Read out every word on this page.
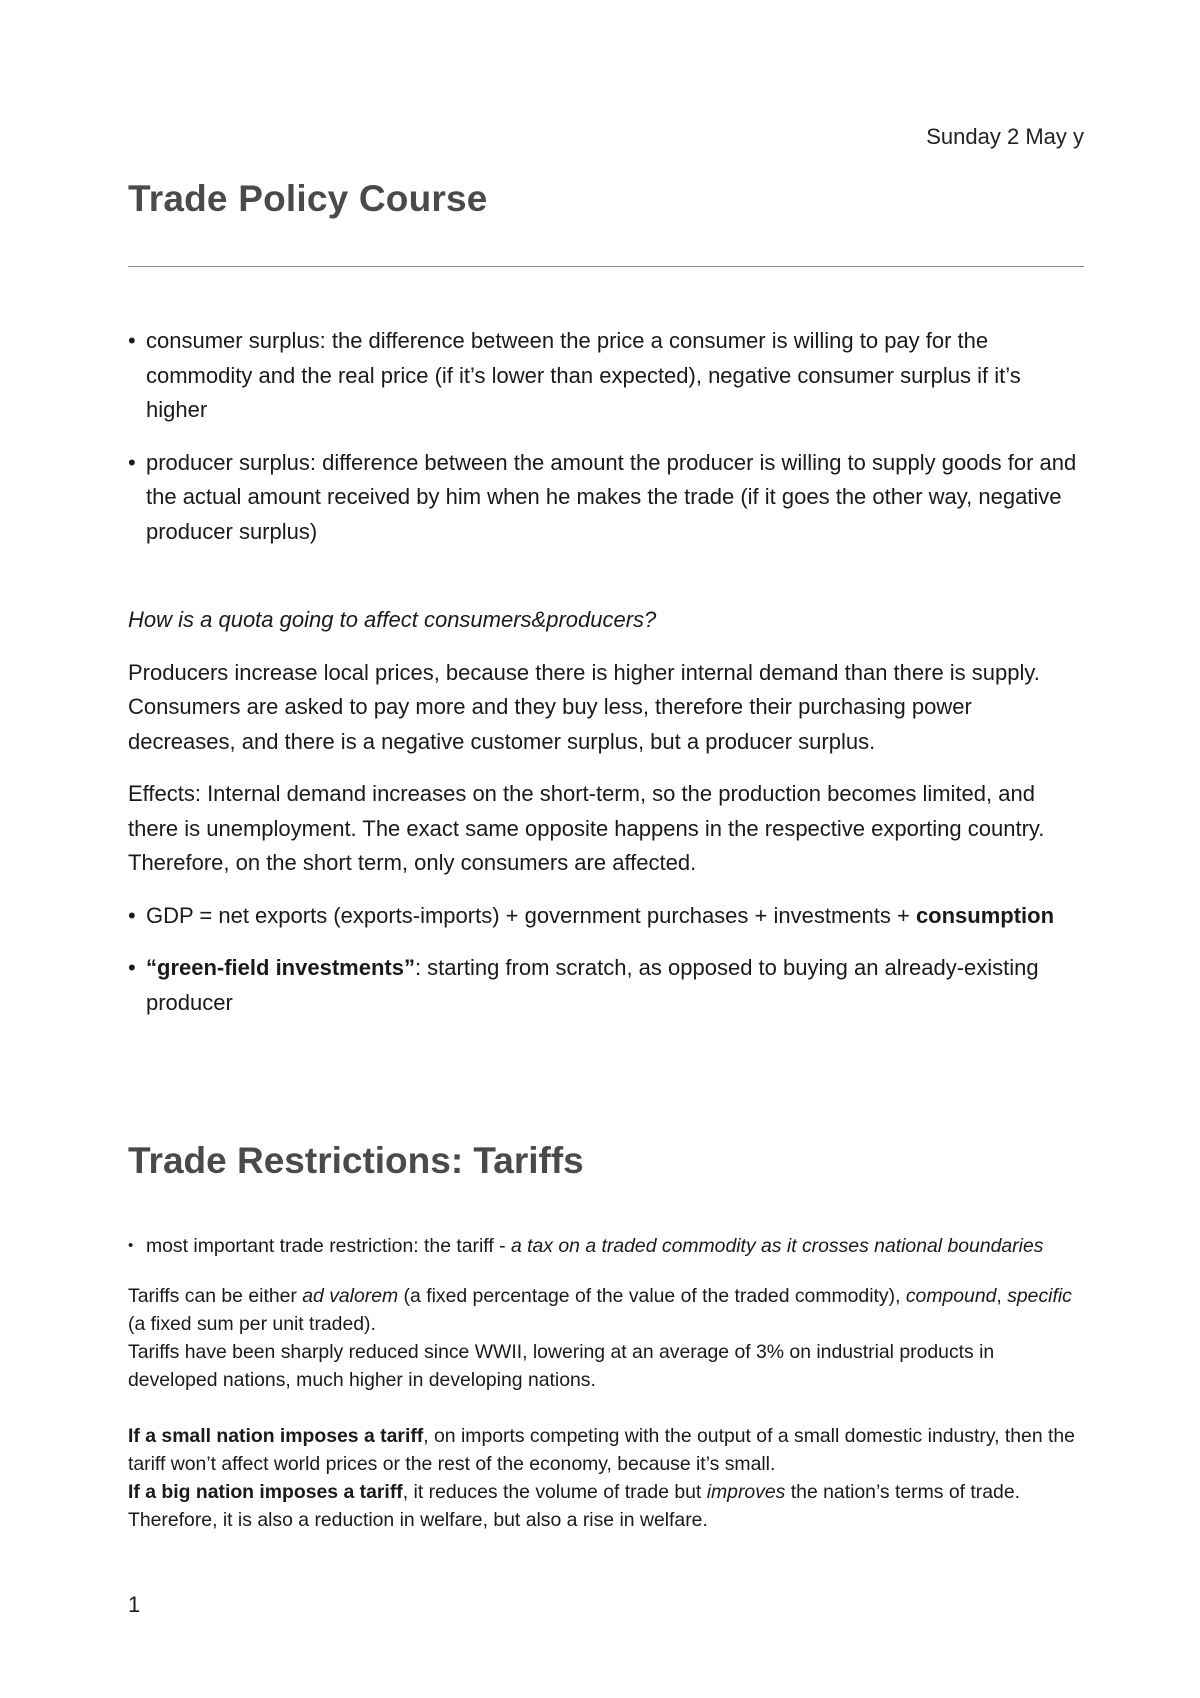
Sunday 2 May y
Trade Policy Course
• consumer surplus: the difference between the price a consumer is willing to pay for the commodity and the real price (if it’s lower than expected), negative consumer surplus if it’s higher
• producer surplus: difference between the amount the producer is willing to supply goods for and the actual amount received by him when he makes the trade (if it goes the other way, negative producer surplus)

How is a quota going to affect consumers&producers?

Producers increase local prices, because there is higher internal demand than there is supply. Consumers are asked to pay more and they buy less, therefore their purchasing power decreases, and there is a negative customer surplus, but a producer surplus.

Effects: Internal demand increases on the short-term, so the production becomes limited, and there is unemployment. The exact same opposite happens in the respective exporting country. Therefore, on the short term, only consumers are affected.

• GDP = net exports (exports-imports) + government purchases + investments + consumption
• “green-field investments”: starting from scratch, as opposed to buying an already-existing producer
Trade Restrictions: Tariffs
• most important trade restriction: the tariff - a tax on a traded commodity as it crosses national boundaries

Tariffs can be either ad valorem (a fixed percentage of the value of the traded commodity), compound, specific (a fixed sum per unit traded).

Tariffs have been sharply reduced since WWII, lowering at an average of 3% on industrial products in developed nations, much higher in developing nations.

If a small nation imposes a tariff, on imports competing with the output of a small domestic industry, then the tariff won’t affect world prices or the rest of the economy, because it’s small.

If a big nation imposes a tariff, it reduces the volume of trade but improves the nation’s terms of trade. Therefore, it is also a reduction in welfare, but also a rise in welfare.

1
